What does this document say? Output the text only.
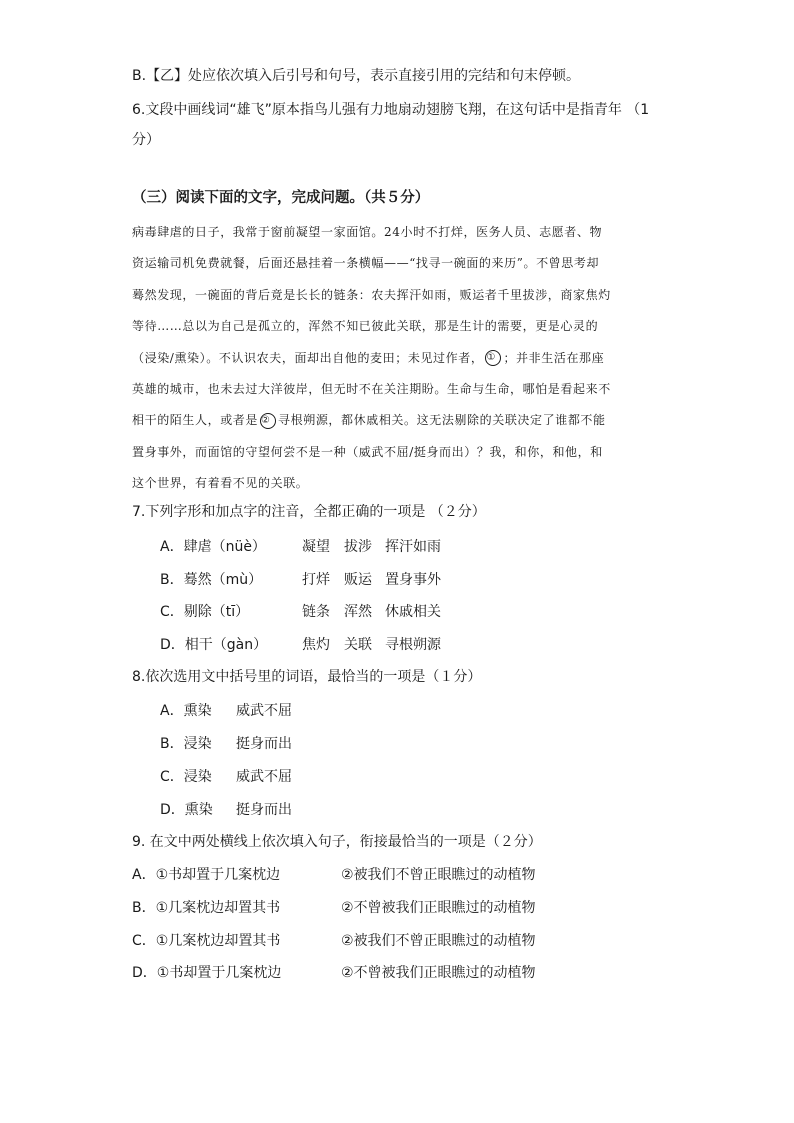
B.【乙】处应依次填入后引号和句号，表示直接引用的完结和句末停顿。
6.文段中画线词“雄飞”原本指鸟儿强有力地扇动翅膀飞翔，在这句话中是指青年 （1
分）
（三）阅读下面的文字，完成问题。（共５分）
病毒肆虐的日子，我常于窗前凝望一家面馆。24小时不打烊，医务人员、志愿者、物
资运输司机免费就餐，后面还悬挂着一条横幅——“找寻一碗面的来历”。不曾思考却
蓦然发现，一碗面的背后竟是长长的链条：农夫挥汗如雨，贩运者千里拔涉，商家焦灼
等待……总以为自己是孤立的，浑然不知已彼此关联，那是生计的需要，更是心灵的
（浸染/熏染）。不认识农夫，面却出自他的麦田；未见过作者， ① ；并非生活在那座
英雄的城市，也未去过大洋彼岸，但无时不在关注期盼。生命与生命，哪怕是看起来不
相干的陌生人，或者是 ② 寻根朔源，都休戚相关。这无法剔除的关联决定了谁都不能
置身事外，而面馆的守望何尝不是一种（威武不屈/挺身而出）？我，和你，和他，和
这个世界，有着看不见的关联。
7.下列字形和加点字的注音，全都正确的一项是 （２分）
A．肆虐（nüè）	凝望 拔涉 挥汗如雨
B．蓦然（mù）	打烊 贩运 置身事外
C．剔除（tī）	链条 浑然 休戚相关
D．相干（gàn） 焦灼 关联 寻根朔源
8.依次选用文中括号里的词语，最恰当的一项是（１分）
A．熏染 威武不屈
B．浸染 挺身而出
C．浸染 威武不屈
D．熏染 挺身而出
9. 在文中两处横线上依次填入句子，衔接最恰当的一项是（２分）
A．①书却置于几案枕边	②被我们不曾正眼瞧过的动植物
B．①几案枕边却置其书	②不曾被我们正眼瞧过的动植物
C．①几案枕边却置其书	②被我们不曾正眼瞧过的动植物
D．①书却置于几案枕边	②不曾被我们正眼瞧过的动植物
